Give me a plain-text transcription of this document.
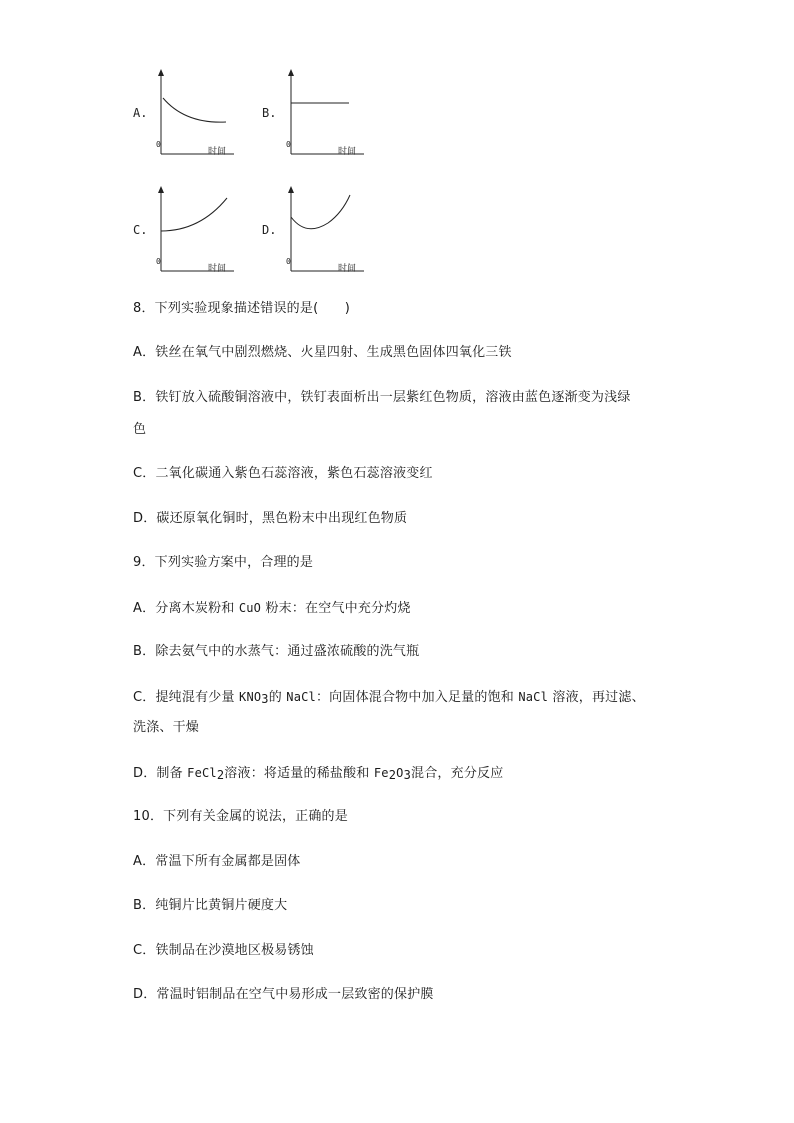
A.
0
时间
B.
0
时间
C.
0
时间
D.
0
时间
8．下列实验现象描述错误的是(　　)
A．铁丝在氧气中剧烈燃烧、火星四射、生成黑色固体四氧化三铁
B．铁钉放入硫酸铜溶液中，铁钉表面析出一层紫红色物质，溶液由蓝色逐渐变为浅绿
色
C．二氧化碳通入紫色石蕊溶液，紫色石蕊溶液变红
D．碳还原氧化铜时，黑色粉末中出现红色物质
9．下列实验方案中，合理的是
A．分离木炭粉和 CuO 粉末：在空气中充分灼烧
B．除去氨气中的水蒸气：通过盛浓硫酸的洗气瓶
C．提纯混有少量 $KNO_3$的 NaCl：向固体混合物中加入足量的饱和 NaCl 溶液，再过滤、
洗涤、干燥
D．制备 FeCl$_2$溶液：将适量的稀盐酸和 $Fe_2O_3$混合，充分反应
10．下列有关金属的说法，正确的是
A．常温下所有金属都是固体
B．纯铜片比黄铜片硬度大
C．铁制品在沙漠地区极易锈蚀
D．常温时铝制品在空气中易形成一层致密的保护膜
